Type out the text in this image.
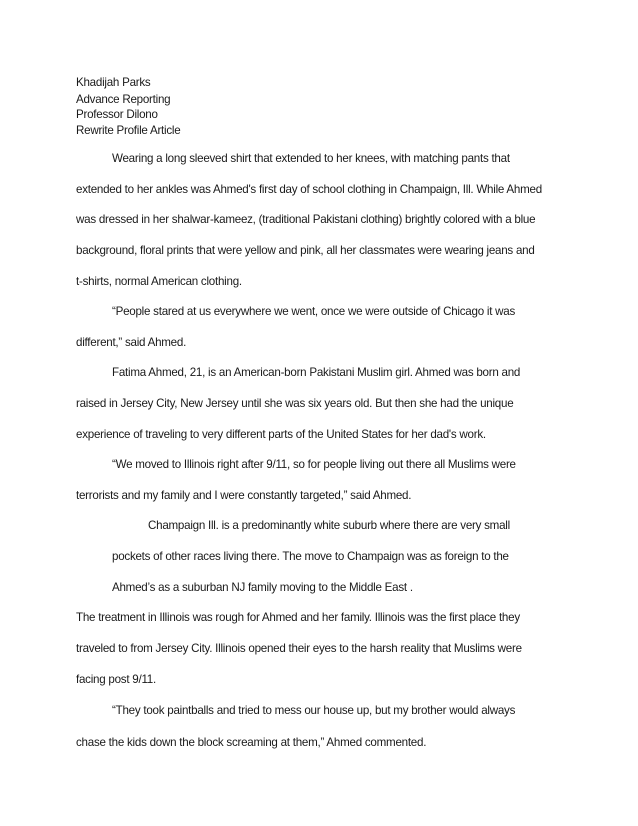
Khadijah Parks
Advance Reporting
Professor Dilono
Rewrite Profile Article
Wearing a long sleeved shirt that extended to her knees, with matching pants that
extended to her ankles was Ahmed's first day of school clothing in Champaign, Ill. While Ahmed
was dressed in her shalwar-kameez, (traditional Pakistani clothing) brightly colored with a blue
background, floral prints that were yellow and pink, all her classmates were wearing jeans and
t-shirts, normal American clothing.
“People stared at us everywhere we went, once we were outside of Chicago it was
different,” said Ahmed.
Fatima Ahmed, 21, is an American-born Pakistani Muslim girl. Ahmed was born and
raised in Jersey City, New Jersey until she was six years old. But then she had the unique
experience of traveling to very different parts of the United States for her dad's work.
“We moved to Illinois right after 9/11, so for people living out there all Muslims were
terrorists and my family and I were constantly targeted,” said Ahmed.
Champaign Ill. is a predominantly white suburb where there are very small
pockets of other races living there. The move to Champaign was as foreign to the
Ahmed’s as a suburban NJ family moving to the Middle East .
The treatment in Illinois was rough for Ahmed and her family. Illinois was the first place they
traveled to from Jersey City. Illinois opened their eyes to the harsh reality that Muslims were
facing post 9/11.
“They took paintballs and tried to mess our house up, but my brother would always
chase the kids down the block screaming at them,” Ahmed commented.
